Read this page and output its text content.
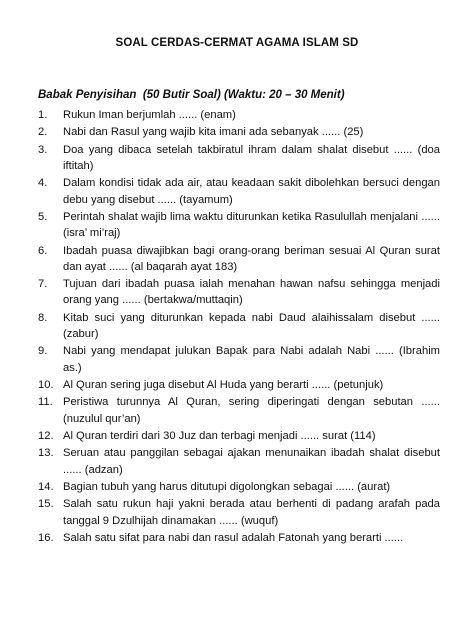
SOAL CERDAS-CERMAT AGAMA ISLAM SD
Babak Penyisihan  (50 Butir Soal) (Waktu: 20 – 30 Menit)
1.	Rukun Iman berjumlah ...... (enam)
2.	Nabi dan Rasul yang wajib kita imani ada sebanyak ...... (25)
3.	Doa yang dibaca setelah takbiratul ihram dalam shalat disebut ...... (doa iftitah)
4.	Dalam kondisi tidak ada air, atau keadaan sakit dibolehkan bersuci dengan debu yang disebut ...... (tayamum)
5.	Perintah shalat wajib lima waktu diturunkan ketika Rasulullah menjalani ...... (isra’ mi’raj)
6.	Ibadah puasa diwajibkan bagi orang-orang beriman sesuai Al Quran surat dan ayat ...... (al baqarah ayat 183)
7.	Tujuan dari ibadah puasa ialah menahan hawan nafsu sehingga menjadi orang yang ...... (bertakwa/muttaqin)
8.	Kitab suci yang diturunkan kepada nabi Daud alaihissalam disebut ...... (zabur)
9.	Nabi yang mendapat julukan Bapak para Nabi adalah Nabi ...... (Ibrahim as.)
10. Al Quran sering juga disebut Al Huda yang berarti ...... (petunjuk)
11. Peristiwa turunnya Al Quran, sering diperingati dengan sebutan ...... (nuzulul qur’an)
12. Al Quran terdiri dari 30 Juz dan terbagi menjadi ...... surat (114)
13. Seruan atau panggilan sebagai ajakan menunaikan ibadah shalat disebut ...... (adzan)
14. Bagian tubuh yang harus ditutupi digolongkan sebagai ...... (aurat)
15. Salah satu rukun haji yakni berada atau berhenti di padang arafah pada tanggal 9 Dzulhijah dinamakan ...... (wuquf)
16. Salah satu sifat para nabi dan rasul adalah Fatonah yang berarti ......
